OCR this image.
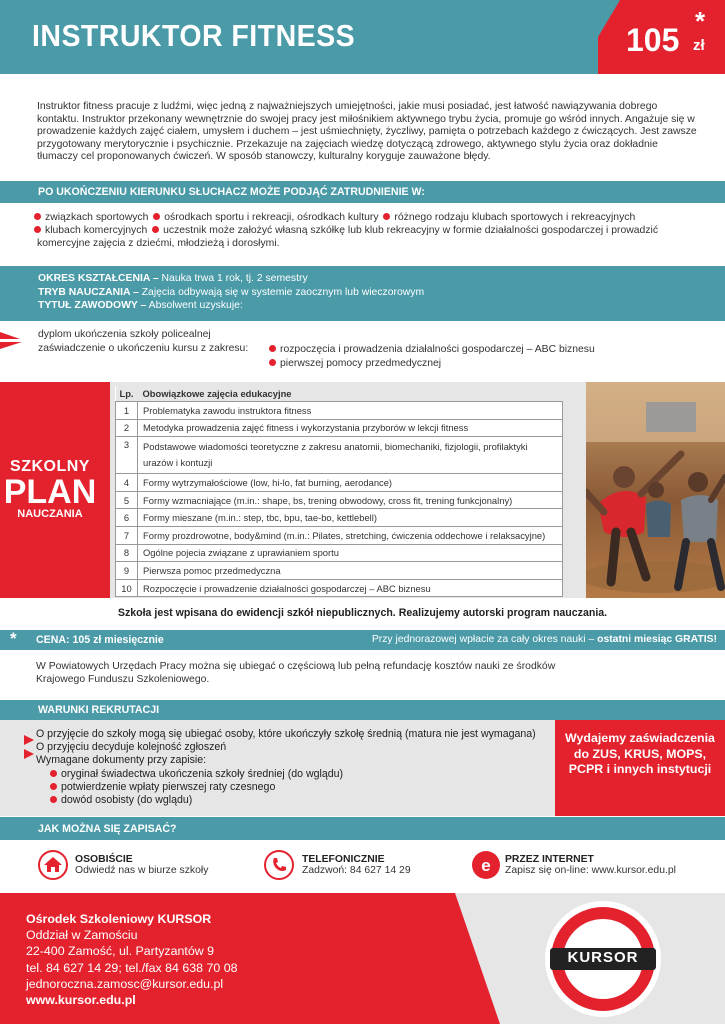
INSTRUKTOR FITNESS	105 zł
*

Instruktor fitness pracuje z ludźmi, więc jedną z najważniejszych umiejętności, jakie musi posiadać, jest łatwość nawiązywania dobrego kontaktu. Instruktor przekonany wewnętrznie do swojej pracy jest miłośnikiem aktywnego trybu życia, promuje go wśród innych. Angażuje się w prowadzenie każdych zajęć ciałem, umysłem i duchem – jest uśmiechnięty, życzliwy, pamięta o potrzebach każdego z ćwiczących. Jest zawsze przygotowany merytorycznie i psychicznie. Przekazuje na zajęciach wiedzę dotyczącą zdrowego, aktywnego stylu życia oraz dokładnie tłumaczy cel proponowanych ćwiczeń. W sposób stanowczy, kulturalny koryguje zauważone błędy.

PO UKOŃCZENIU KIERUNKU SŁUCHACZ MOŻE PODJĄĆ ZATRUDNIENIE W:
związkach sportowych ośrodkach sportu i rekreacji, ośrodkach kultury różnego rodzaju klubach sportowych i rekreacyjnych
klubach komercyjnych uczestnik może założyć własną szkółkę lub klub rekreacyjny w formie działalności gospodarczej i prowadzić
komercyjne zajęcia z dziećmi, młodzieżą i dorosłymi.
OKRES KSZTAŁCENIA – Nauka trwa 1 rok, tj. 2 semestry
TRYB NAUCZANIA – Zajęcia odbywają się w systemie zaocznym lub wieczorowym
TYTUŁ ZAWODOWY – Absolwent uzyskuje:
dyplom ukończenia szkoły policealnej
zaświadczenie o ukończeniu kursu z zakresu:	rozpoczęcia i prowadzenia działalności gospodarczej – ABC biznesu
pierwszej pomocy przedmedycznej
SZKOLNY
PLAN
NAUCZANIA
Lp.	Obowiązkowe zajęcia edukacyjne
1	Problematyka zawodu instruktora fitness
2	Metodyka prowadzenia zajęć fitness i wykorzystania przyborów w lekcji fitness
3	Podstawowe wiadomości teoretyczne z zakresu anatomii, biomechaniki, fizjologii, profilaktyki urazów i kontuzji
4	Formy wytrzymałościowe (low, hi-lo, fat burning, aerodance)
5	Formy wzmacniające (m.in.: shape, bs, trening obwodowy, cross fit, trening funkcjonalny)
6	Formy mieszane (m.in.: step, tbc, bpu, tae-bo, kettlebell)
7	Formy prozdrowotne, body&mind (m.in.: Pilates, stretching, ćwiczenia oddechowe i relaksacyjne)
8	Ogólne pojecia związane z uprawianiem sportu
9	Pierwsza pomoc przedmedyczna
10	Rozpoczęcie i prowadzenie działalności gospodarczej – ABC biznesu
Szkoła jest wpisana do ewidencji szkół niepublicznych. Realizujemy autorski program nauczania.
* CENA: 105 zł miesięcznie	Przy jednorazowej wpłacie za cały okres nauki – ostatni miesiąc GRATIS!

W Powiatowych Urzędach Pracy można się ubiegać o częściową lub pełną refundację kosztów nauki ze środków Krajowego Funduszu Szkoleniowego.

WARUNKI REKRUTACJI
O przyjęcie do szkoły mogą się ubiegać osoby, które ukończyły szkołę średnią (matura nie jest wymagana)
O przyjęciu decyduje kolejność zgłoszeń
Wymagane dokumenty przy zapisie:
oryginał świadectwa ukończenia szkoły średniej (do wglądu)
potwierdzenie wpłaty pierwszej raty czesnego
dowód osobisty (do wglądu)
Wydajemy zaświadczenia do ZUS, KRUS, MOPS, PCPR i innych instytucji
JAK MOŻNA SIĘ ZAPISAĆ?
OSOBIŚCIE
Odwiedź nas w biurze szkoły
TELEFONICZNIE
Zadzwoń: 84 627 14 29	e PRZEZ INTERNET
Zapisz się on-line: www.kursor.edu.pl
Ośrodek Szkoleniowy KURSOR
Oddział w Zamościu
22-400 Zamość, ul. Partyzantów 9
tel. 84 627 14 29; tel./fax 84 638 70 08
jednoroczna.zamosc@kursor.edu.pl
www.kursor.edu.pl
KURSOR
